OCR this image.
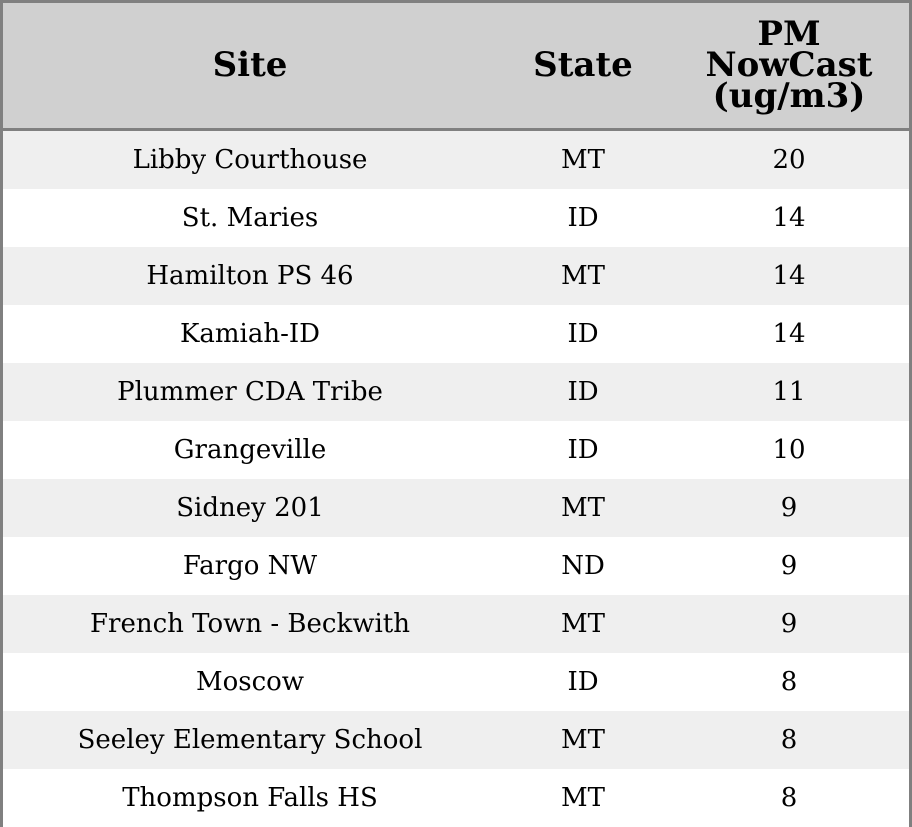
Site	State	PM
NowCast
(ug/m3)

Libby Courthouse	MT	20
St. Maries	ID	14
Hamilton PS 46	MT	14
Kamiah-ID	ID	14
Plummer CDA Tribe	ID	11
Grangeville	ID	10
Sidney 201	MT	9
Fargo NW	ND	9
French Town - Beckwith	MT	9
Moscow	ID	8
Seeley Elementary School	MT	8
Thompson Falls HS	MT	8
